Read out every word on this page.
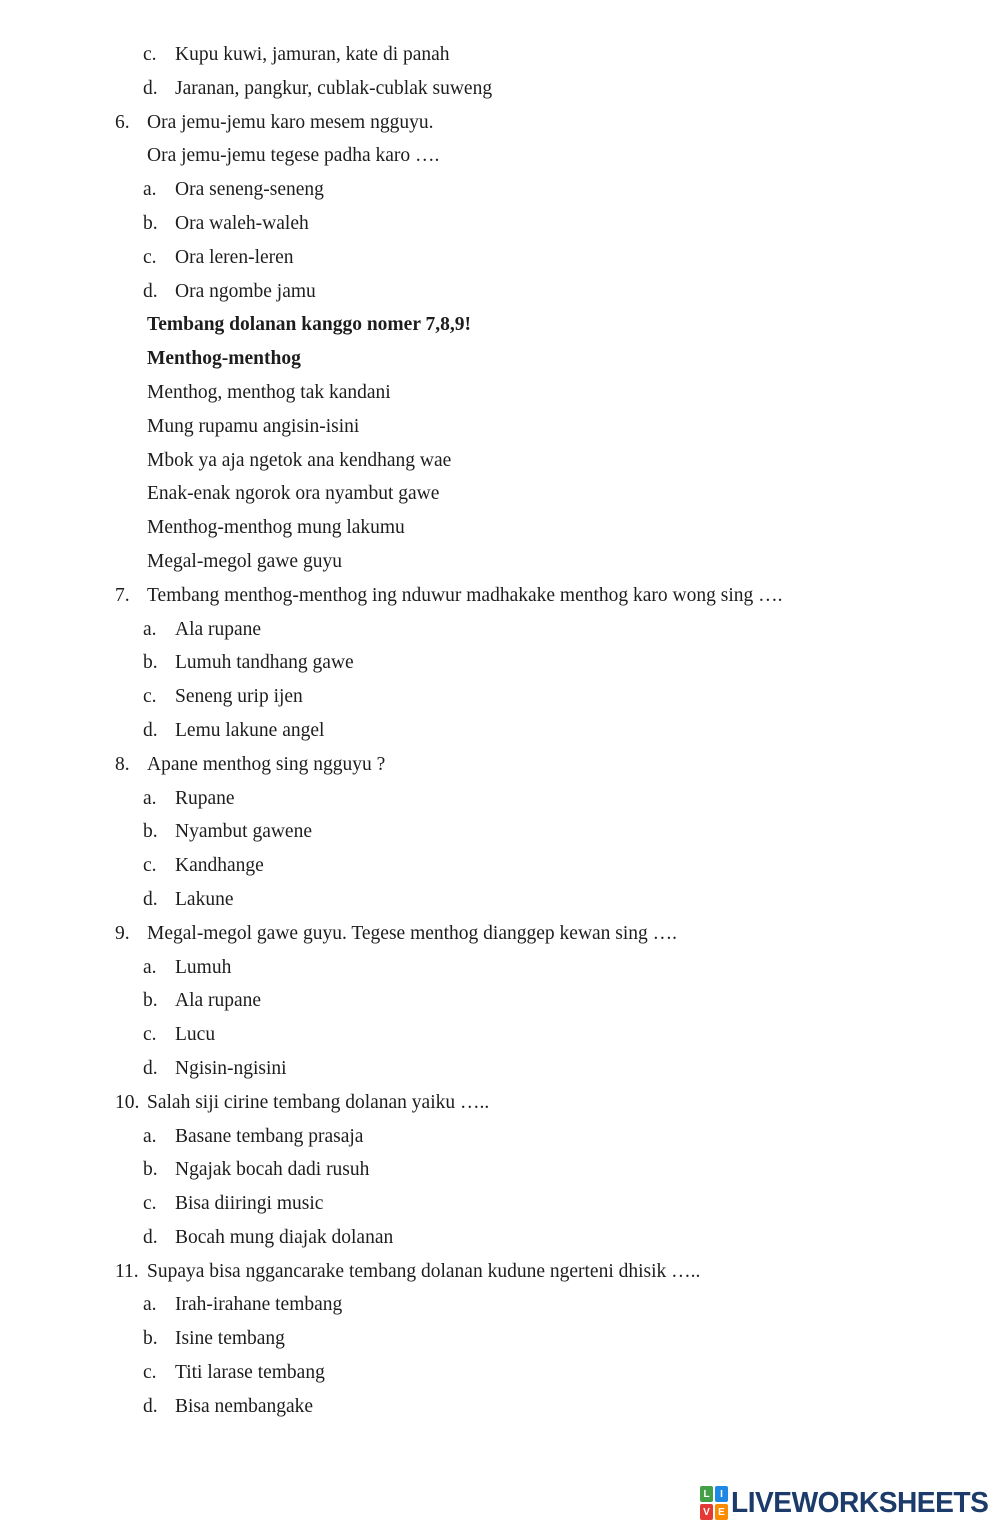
c. Kupu kuwi, jamuran, kate di panah
d. Jaranan, pangkur, cublak-cublak suweng
6. Ora jemu-jemu karo mesem ngguyu.
Ora jemu-jemu tegese padha karo ….
a. Ora seneng-seneng
b. Ora waleh-waleh
c. Ora leren-leren
d. Ora ngombe jamu
Tembang dolanan kanggo nomer 7,8,9!
Menthog-menthog
Menthog, menthog tak kandani
Mung rupamu angisin-isini
Mbok ya aja ngetok ana kendhang wae
Enak-enak ngorok ora nyambut gawe
Menthog-menthog mung lakumu
Megal-megol gawe guyu
7. Tembang menthog-menthog ing nduwur madhakake menthog karo wong sing ….
a. Ala rupane
b. Lumuh tandhang gawe
c. Seneng urip ijen
d. Lemu lakune angel
8. Apane menthog sing ngguyu ?
a. Rupane
b. Nyambut gawene
c. Kandhange
d. Lakune
9. Megal-megol gawe guyu. Tegese menthog dianggep kewan sing ….
a. Lumuh
b. Ala rupane
c. Lucu
d. Ngisin-ngisini
10. Salah siji cirine tembang dolanan yaiku …..
a. Basane tembang prasaja
b. Ngajak bocah dadi rusuh
c. Bisa diiringi music
d. Bocah mung diajak dolanan
11. Supaya bisa nggancarake tembang dolanan kudune ngerteni dhisik …..
a. Irah-irahane tembang
b. Isine tembang
c. Titi larase tembang
d. Bisa nembangake
L	I
V E LIVEWORKSHEETS
